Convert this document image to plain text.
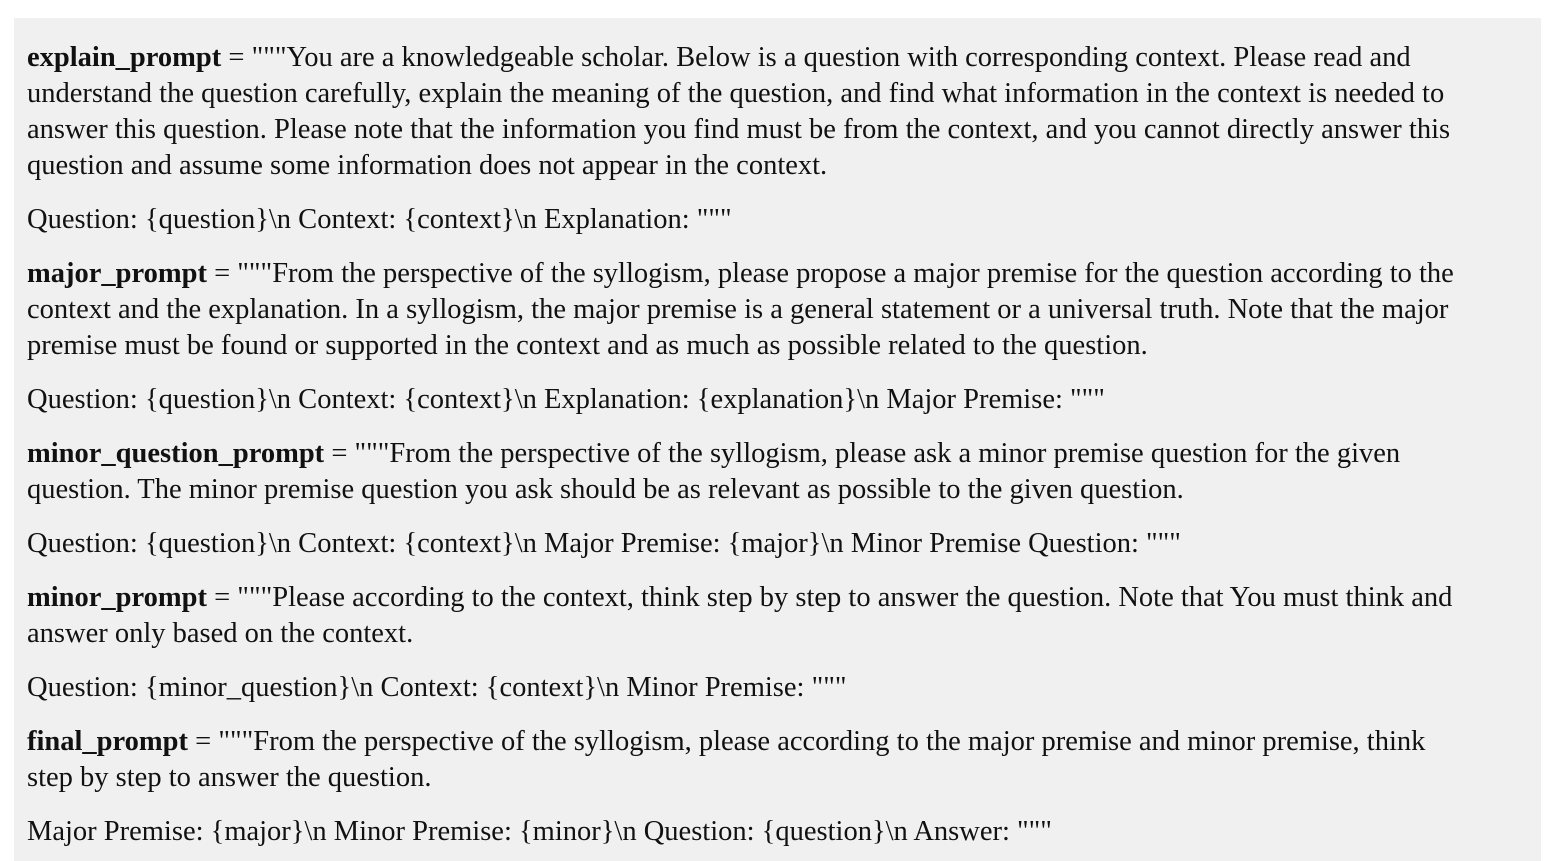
explain_prompt = """You are a knowledgeable scholar. Below is a question with corresponding context. Please read and

understand the question carefully, explain the meaning of the question, and find what information in the context is needed to

answer this question. Please note that the information you find must be from the context, and you cannot directly answer this

question and assume some information does not appear in the context.

Question: {question}\n Context: {context}\n Explanation: """

major_prompt = """From the perspective of the syllogism, please propose a major premise for the question according to the

context and the explanation. In a syllogism, the major premise is a general statement or a universal truth. Note that the major

premise must be found or supported in the context and as much as possible related to the question.

Question: {question}\n Context: {context}\n Explanation: {explanation}\n Major Premise: """

minor_question_prompt = """From the perspective of the syllogism, please ask a minor premise question for the given

question. The minor premise question you ask should be as relevant as possible to the given question.

Question: {question}\n Context: {context}\n Major Premise: {major}\n Minor Premise Question: """

minor_prompt = """Please according to the context, think step by step to answer the question. Note that You must think and

answer only based on the context.

Question: {minor_question}\n Context: {context}\n Minor Premise: """

final_prompt = """From the perspective of the syllogism, please according to the major premise and minor premise, think

step by step to answer the question.

Major Premise: {major}\n Minor Premise: {minor}\n Question: {question}\n Answer: """
